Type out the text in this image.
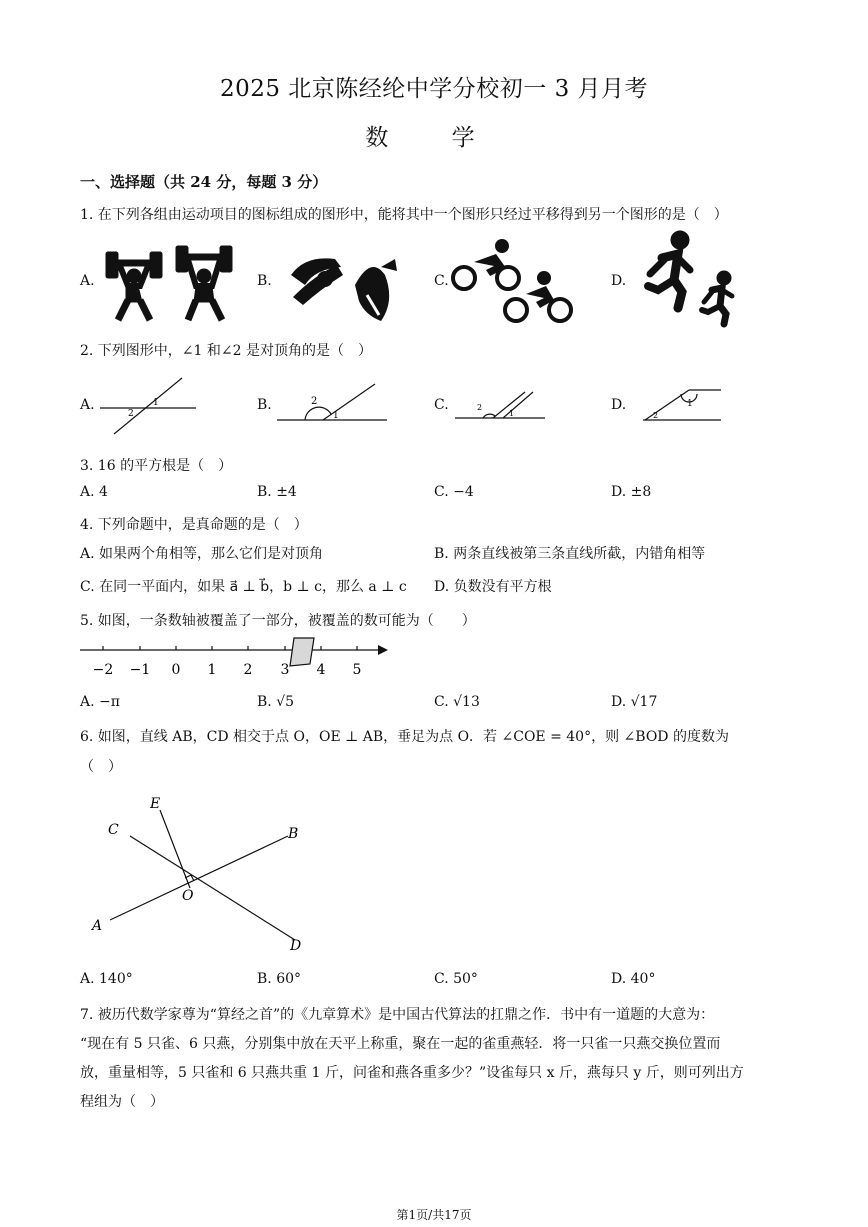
2025 北京陈经纶中学分校初一 3 月月考
数 学
一、选择题（共 24 分，每题 3 分）
1. 在下列各组由运动项目的图标组成的图形中，能将其中一个图形只经过平移得到另一个图形的是（　）
A.	B.	C.	D.
2. 下列图形中，∠1 和∠2 是对顶角的是（　）
A.	B.	C.	D.
1
2	1
2
1
2	1
2
3. 16 的平方根是（　）
A. 4	B. ±4	C. −4	D. ±8
4. 下列命题中，是真命题的是（　）
A. 如果两个角相等，那么它们是对顶角	B. 两条直线被第三条直线所截，内错角相等
C. 在同一平面内，如果 a⃗ ⊥ b⃗，b ⊥ c，那么 a ⊥ c D. 负数没有平方根
5. 如图，一条数轴被覆盖了一部分，被覆盖的数可能为（　　）
−2 −1 0 1 2 3 4 5
A. −π	B. √5	C. √13	D. √17
6. 如图，直线 AB，CD 相交于点 O，OE ⊥ AB，垂足为点 O．若 ∠COE = 40°，则 ∠BOD 的度数为
（　）
E
C	B
O
A
D
A. 140°	B. 60°	C. 50°	D. 40°
7. 被历代数学家尊为“算经之首”的《九章算术》是中国古代算法的扛鼎之作．书中有一道题的大意为：
“现在有 5 只雀、6 只燕，分别集中放在天平上称重，聚在一起的雀重燕轻．将一只雀一只燕交换位置而
放，重量相等，5 只雀和 6 只燕共重 1 斤，问雀和燕各重多少？”设雀每只 x 斤，燕每只 y 斤，则可列出方
程组为（　）
第1页/共17页
